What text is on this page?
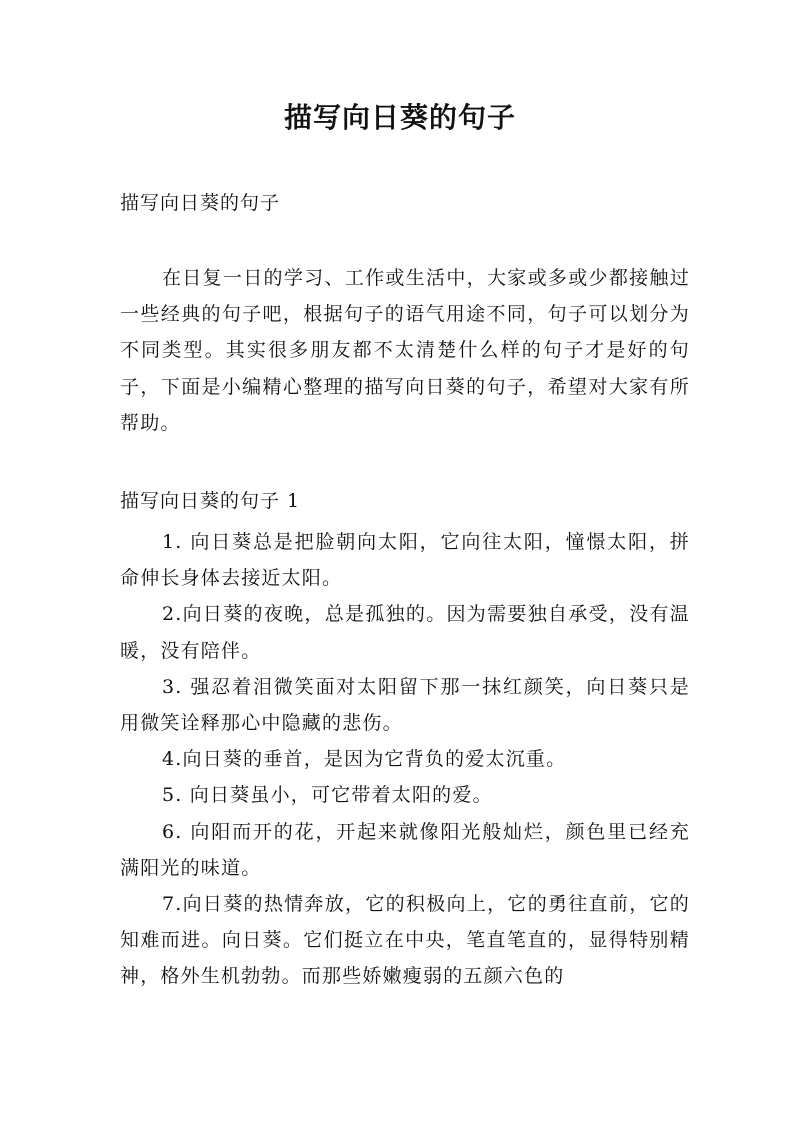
描写向日葵的句子
描写向日葵的句子
在日复一日的学习、工作或生活中，大家或多或少都接触过一些经典的句子吧，根据句子的语气用途不同，句子可以划分为不同类型。其实很多朋友都不太清楚什么样的句子才是好的句子，下面是小编精心整理的描写向日葵的句子，希望对大家有所帮助。
描写向日葵的句子 1

1. 向日葵总是把脸朝向太阳，它向往太阳，憧憬太阳，拼命伸长身体去接近太阳。

2.向日葵的夜晚，总是孤独的。因为需要独自承受，没有温暖，没有陪伴。

3. 强忍着泪微笑面对太阳留下那一抹红颜笑，向日葵只是用微笑诠释那心中隐藏的悲伤。

4.向日葵的垂首，是因为它背负的爱太沉重。

5. 向日葵虽小，可它带着太阳的爱。

6. 向阳而开的花，开起来就像阳光般灿烂，颜色里已经充满阳光的味道。

7.向日葵的热情奔放，它的积极向上，它的勇往直前，它的知难而进。向日葵。它们挺立在中央，笔直笔直的，显得特别精神，格外生机勃勃。而那些娇嫩瘦弱的五颜六色的
